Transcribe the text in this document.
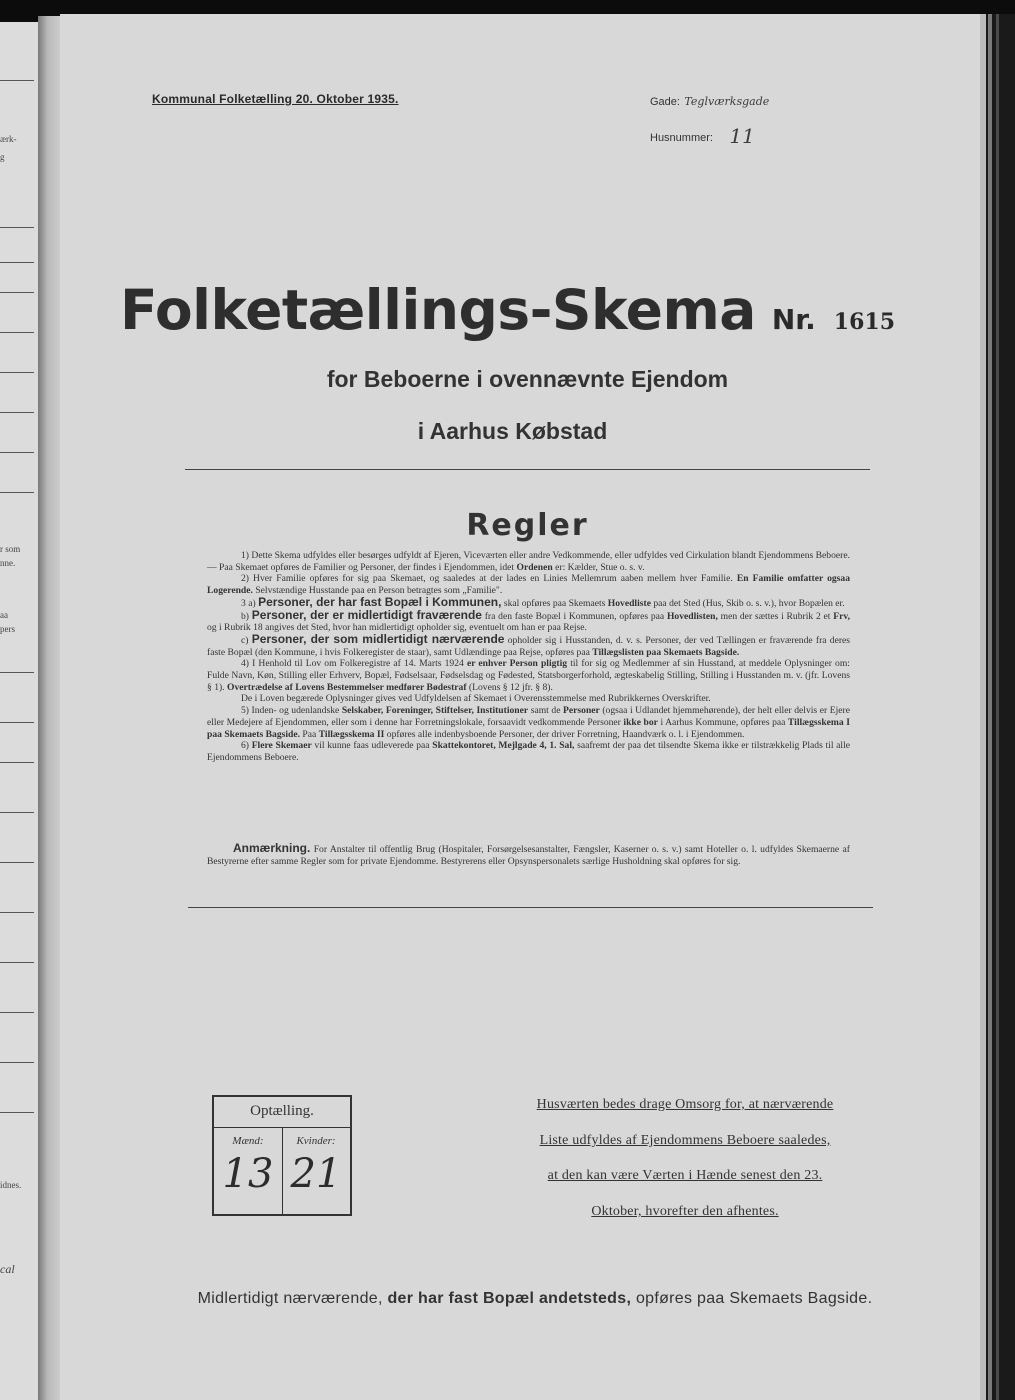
ærk-
g
r som
nne.
aa
pers
idnes.
cal
Kommunal Folketælling 20. Oktober 1935.	Gade: Teglværksgade
Husnummer: 11
Folketællings-Skema Nr. 1615
for Beboerne i ovennævnte Ejendom
i Aarhus Købstad
Regler

1) Dette Skema udfyldes eller besørges udfyldt af Ejeren, Viceværten eller andre Vedkommende, eller udfyldes ved Cirkulation blandt Ejendommens Beboere. — Paa Skemaet opføres de Familier og Personer, der findes i Ejendommen, idet Ordenen er: Kælder, Stue o. s. v.

2) Hver Familie opføres for sig paa Skemaet, og saaledes at der lades en Linies Mellemrum aaben mellem hver Familie. En Familie omfatter ogsaa Logerende. Selvstændige Husstande paa en Person betragtes som „Familie".

3 a) Personer, der har fast Bopæl i Kommunen, skal opføres paa Skemaets Hovedliste paa det Sted (Hus, Skib o. s. v.), hvor Bopælen er.

b) Personer, der er midlertidigt fraværende fra den faste Bopæl i Kommunen, opføres paa Hovedlisten, men der sættes i Rubrik 2 et Frv, og i Rubrik 18 angives det Sted, hvor han midlertidigt opholder sig, eventuelt om han er paa Rejse.

c) Personer, der som midlertidigt nærværende opholder sig i Husstanden, d. v. s. Personer, der ved Tællingen er fraværende fra deres faste Bopæl (den Kommune, i hvis Folkeregister de staar), samt Udlændinge paa Rejse, opføres paa Tillægslisten paa Skemaets Bagside.

4) I Henhold til Lov om Folkeregistre af 14. Marts 1924 er enhver Person pligtig til for sig og Medlemmer af sin Husstand, at meddele Oplysninger om: Fulde Navn, Køn, Stilling eller Erhverv, Bopæl, Fødselsaar, Fødselsdag og Fødested, Statsborgerforhold, ægteskabelig Stilling, Stilling i Husstanden m. v. (jfr. Lovens § 1). Overtrædelse af Lovens Bestemmelser medfører Bødestraf (Lovens § 12 jfr. § 8).

De i Loven begærede Oplysninger gives ved Udfyldelsen af Skemaet i Overensstemmelse med Rubrikkernes Overskrifter.

5) Inden- og udenlandske Selskaber, Foreninger, Stiftelser, Institutioner samt de Personer (ogsaa i Udlandet hjemmehørende), der helt eller delvis er Ejere eller Medejere af Ejendommen, eller som i denne har Forretningslokale, forsaavidt vedkommende Personer ikke bor i Aarhus Kommune, opføres paa Tillægsskema I paa Skemaets Bagside. Paa Tillægsskema II opføres alle indenbysboende Personer, der driver Forretning, Haandværk o. l. i Ejendommen.

6) Flere Skemaer vil kunne faas udleverede paa Skattekontoret, Mejlgade 4, 1. Sal, saafremt der paa det tilsendte Skema ikke er tilstrækkelig Plads til alle Ejendommens Beboere.

Anmærkning. For Anstalter til offentlig Brug (Hospitaler, Forsørgelsesanstalter, Fængsler, Kaserner o. s. v.) samt Hoteller o. l. udfyldes Skemaerne af Bestyrerne efter samme Regler som for private Ejendomme. Bestyrerens eller Opsynspersonalets særlige Husholdning skal opføres for sig.

Optælling.
Mænd:	Kvinder:
13 21
Husværten bedes drage Omsorg for, at nærværende
Liste udfyldes af Ejendommens Beboere saaledes,
at den kan være Værten i Hænde senest den 23.
Oktober, hvorefter den afhentes.
Midlertidigt nærværende, der har fast Bopæl andetsteds, opføres paa Skemaets Bagside.
